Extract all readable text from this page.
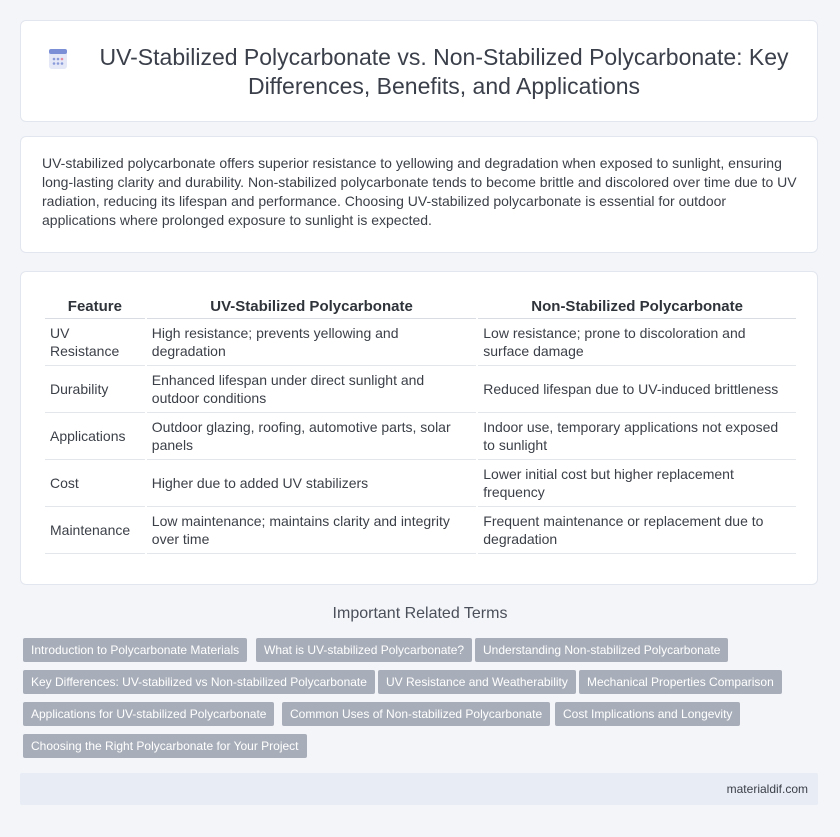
UV-Stabilized Polycarbonate vs. Non-Stabilized Polycarbonate: Key Differences, Benefits, and Applications

UV-stabilized polycarbonate offers superior resistance to yellowing and degradation when exposed to sunlight, ensuring long-lasting clarity and durability. Non-stabilized polycarbonate tends to become brittle and discolored over time due to UV radiation, reducing its lifespan and performance. Choosing UV-stabilized polycarbonate is essential for outdoor applications where prolonged exposure to sunlight is expected.

Feature	UV-Stabilized Polycarbonate	Non-Stabilized Polycarbonate
UV Resistance	High resistance; prevents yellowing and degradation	Low resistance; prone to discoloration and surface damage
Durability	Enhanced lifespan under direct sunlight and outdoor conditions	Reduced lifespan due to UV-induced brittleness
Applications	Outdoor glazing, roofing, automotive parts, solar panels	Indoor use, temporary applications not exposed to sunlight
Cost	Higher due to added UV stabilizers	Lower initial cost but higher replacement frequency
Maintenance	Low maintenance; maintains clarity and integrity over time	Frequent maintenance or replacement due to degradation
Important Related Terms
Introduction to Polycarbonate Materials	What is UV-stabilized Polycarbonate?	Understanding Non-stabilized Polycarbonate
Key Differences: UV-stabilized vs Non-stabilized Polycarbonate	UV Resistance and Weatherability	Mechanical Properties Comparison
Applications for UV-stabilized Polycarbonate	Common Uses of Non-stabilized Polycarbonate	Cost Implications and Longevity
Choosing the Right Polycarbonate for Your Project
materialdif.com
